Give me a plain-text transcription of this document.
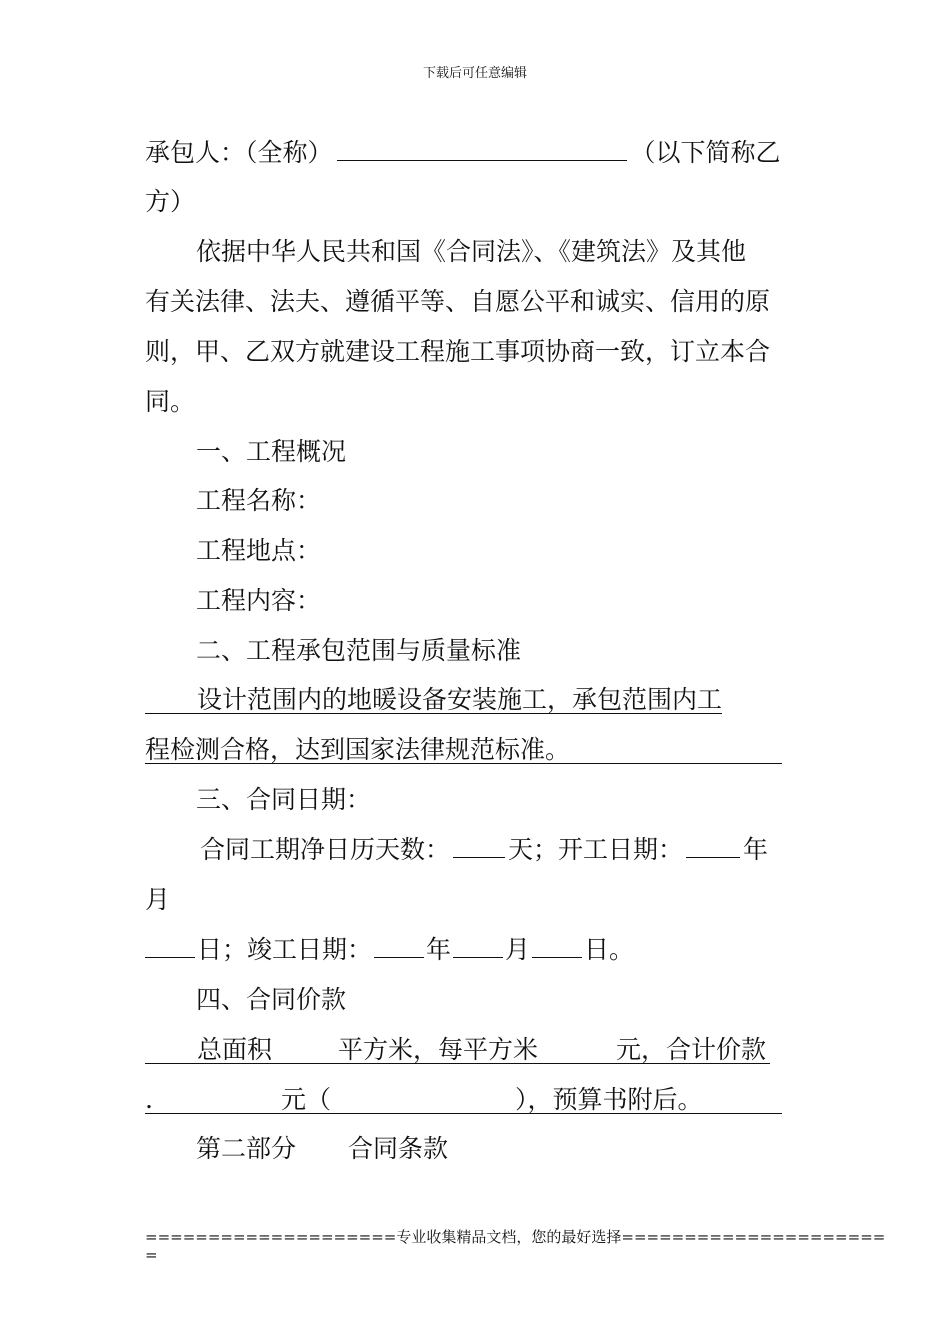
下载后可任意编辑
承包人：（全称）	（以下简称乙
方）
依据中华人民共和国《合同法》、《建筑法》及其他
有关法律、法夫、遵循平等、自愿公平和诚实、信用的原
则，甲、乙双方就建设工程施工事项协商一致，订立本合
同。
一、工程概况
工程名称：
工程地点：
工程内容：
二、工程承包范围与质量标准
设计范围内的地暖设备安装施工，承包范围内工
程检测合格，达到国家法律规范标准。
三、合同日期：
合同工期净日历天数： 天；开工日期： 年
月
日；竣工日期： 年 月 日。
四、合同价款
总面积	平方米，每平方米	元，合计价款
.	元（	），预算书附后。
第二部分 合同条款
====================专业收集精品文档，您的最好选择=====================
=
